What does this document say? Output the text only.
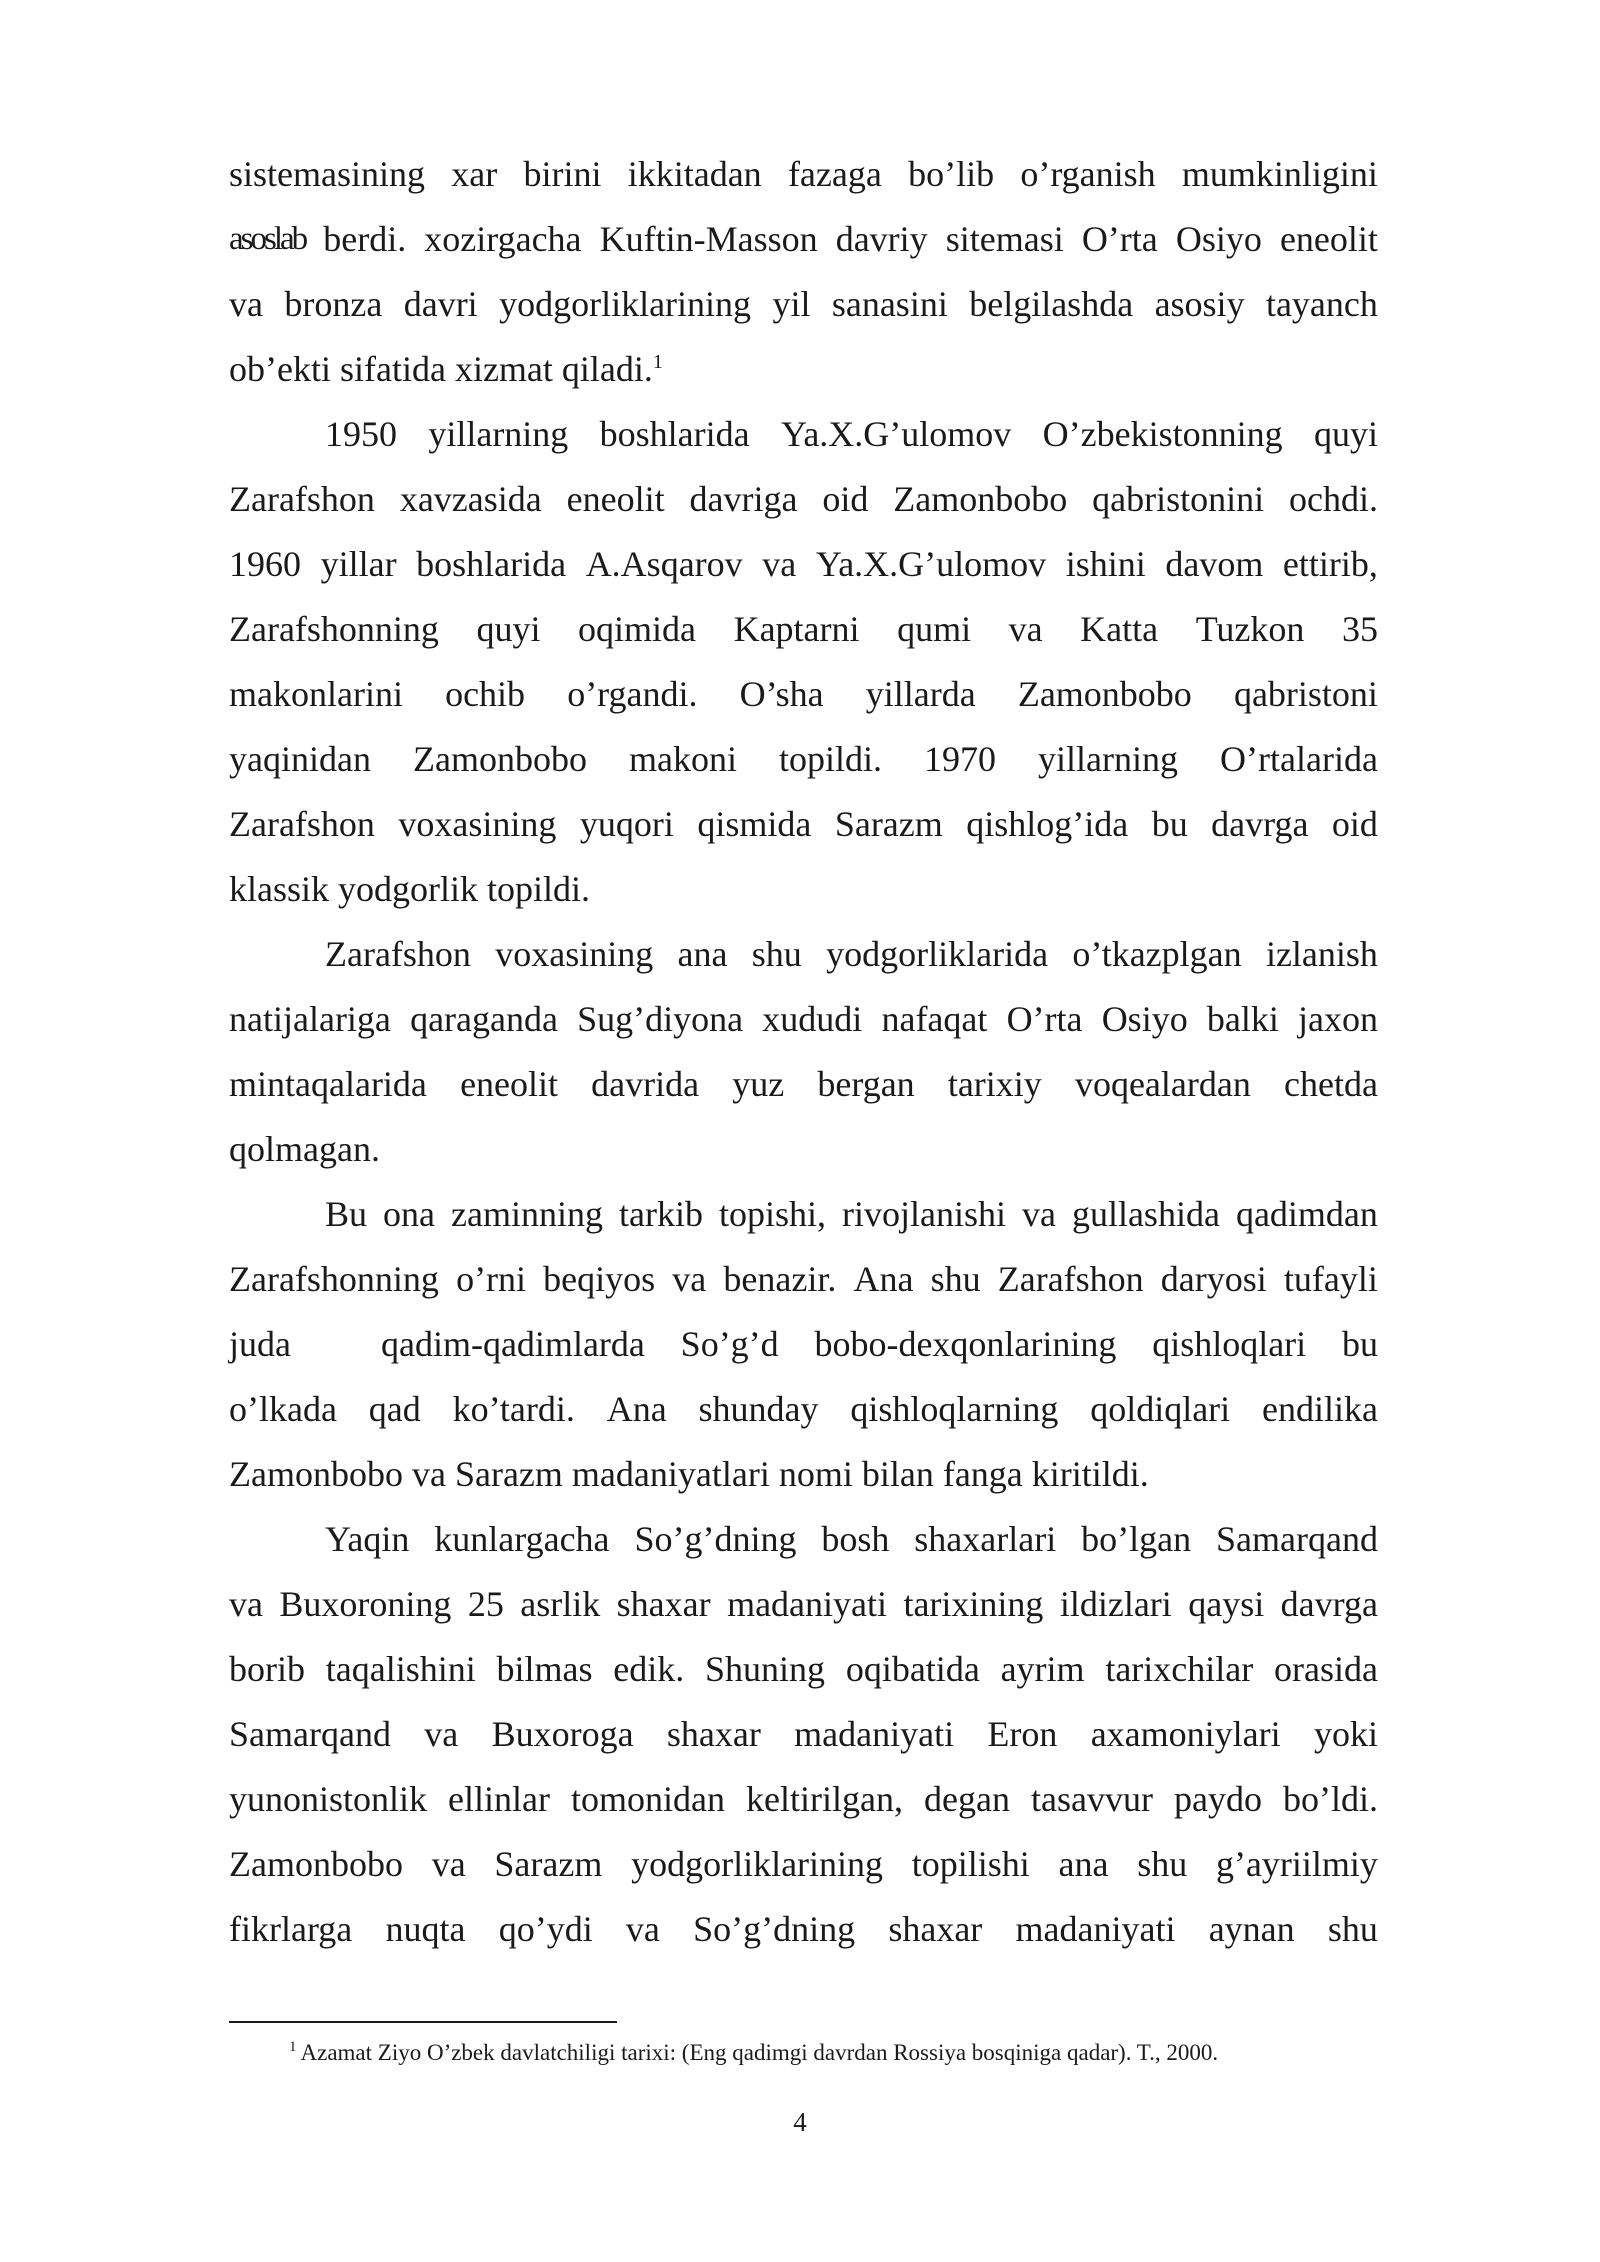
sistemasining xar birini ikkitadan fazaga bo’lib o’rganish mumkinligini
asoslab berdi. xozirgacha Kuftin-Masson davriy sitemasi O’rta Osiyo eneolit
va bronza davri yodgorliklarining yil sanasini belgilashda asosiy tayanch
ob’ekti sifatida xizmat qiladi.$^1$
1950 yillarning boshlarida Ya.X.G’ulomov O’zbekistonning quyi
Zarafshon xavzasida eneolit davriga oid Zamonbobo qabristonini ochdi.
1960 yillar boshlarida A.Asqarov va Ya.X.G’ulomov ishini davom ettirib,
Zarafshonning quyi oqimida Kaptarni qumi va Katta Tuzkon 35
makonlarini ochib o’rgandi. O’sha yillarda Zamonbobo qabristoni
yaqinidan Zamonbobo makoni topildi. 1970 yillarning O’rtalarida
Zarafshon voxasining yuqori qismida Sarazm qishlog’ida bu davrga oid
klassik yodgorlik topildi.
Zarafshon voxasining ana shu yodgorliklarida o’tkazplgan izlanish
natijalariga qaraganda Sug’diyona xududi nafaqat O’rta Osiyo balki jaxon
mintaqalarida eneolit davrida yuz bergan tarixiy voqealardan chetda
qolmagan.
Bu ona zaminning tarkib topishi, rivojlanishi va gullashida qadimdan
Zarafshonning o’rni beqiyos va benazir. Ana shu Zarafshon daryosi tufayli
juda	qadim-qadimlarda So’g’d bobo-dexqonlarining qishloqlari bu
o’lkada qad ko’tardi. Ana shunday qishloqlarning qoldiqlari endilika
Zamonbobo va Sarazm madaniyatlari nomi bilan fanga kiritildi.
Yaqin kunlargacha So’g’dning bosh shaxarlari bo’lgan Samarqand
va Buxoroning 25 asrlik shaxar madaniyati tarixining ildizlari qaysi davrga
borib taqalishini bilmas edik. Shuning oqibatida ayrim tarixchilar orasida
Samarqand va Buxoroga shaxar madaniyati Eron axamoniylari yoki
yunonistonlik ellinlar tomonidan keltirilgan, degan tasavvur paydo bo’ldi.
Zamonbobo va Sarazm yodgorliklarining topilishi ana shu g’ayriilmiy
fikrlarga nuqta qo’ydi va So’g’dning shaxar madaniyati aynan shu
$^1$ Azamat Ziyo O’zbek davlatchiligi tarixi: (Eng qadimgi davrdan Rossiya bosqiniga qadar). T., 2000.
4
